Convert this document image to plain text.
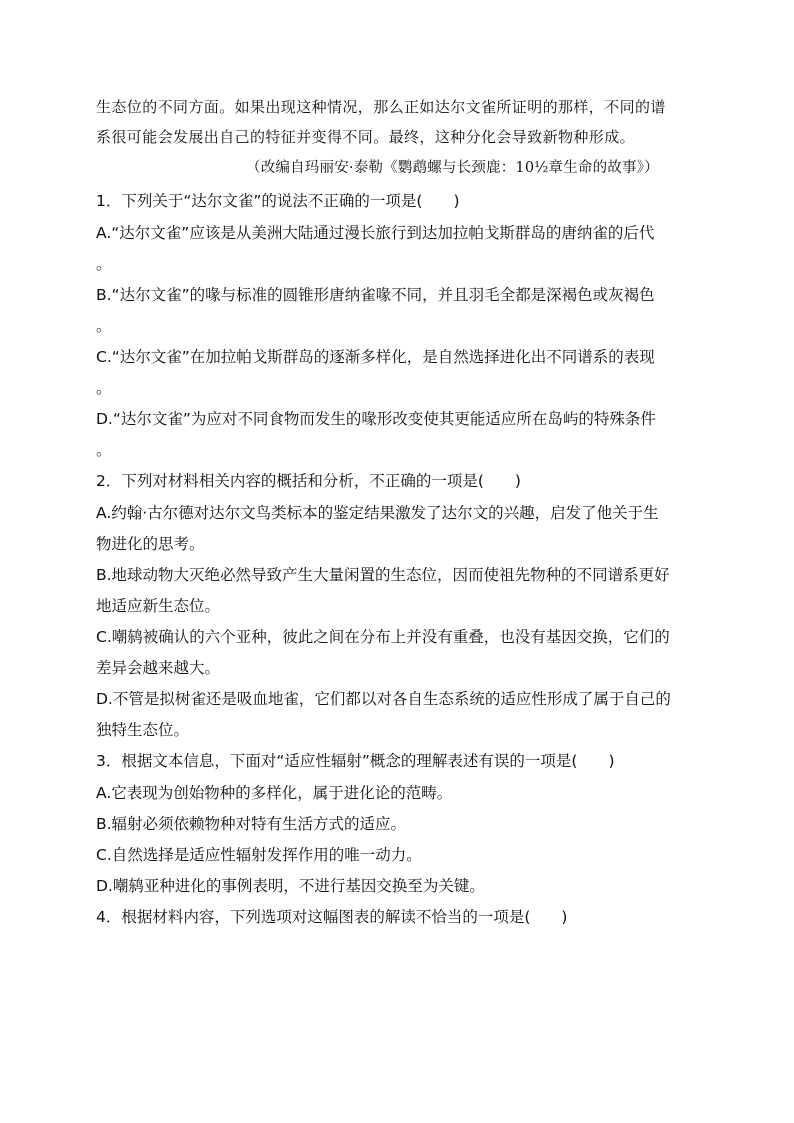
生态位的不同方面。如果出现这种情况，那么正如达尔文雀所证明的那样，不同的谱
系很可能会发展出自己的特征并变得不同。最终，这种分化会导致新物种形成。
（改编自玛丽安·泰勒《鹦鹉螺与长颈鹿：10½章生命的故事》）
1．下列关于“达尔文雀”的说法不正确的一项是(　　)
A.“达尔文雀”应该是从美洲大陆通过漫长旅行到达加拉帕戈斯群岛的唐纳雀的后代
。
B.“达尔文雀”的喙与标准的圆锥形唐纳雀喙不同，并且羽毛全都是深褐色或灰褐色
。
C.“达尔文雀”在加拉帕戈斯群岛的逐渐多样化，是自然选择进化出不同谱系的表现
。
D.“达尔文雀”为应对不同食物而发生的喙形改变使其更能适应所在岛屿的特殊条件
。
2．下列对材料相关内容的概括和分析，不正确的一项是(　　)
A.约翰·古尔德对达尔文鸟类标本的鉴定结果激发了达尔文的兴趣，启发了他关于生
物进化的思考。
B.地球动物大灭绝必然导致产生大量闲置的生态位，因而使祖先物种的不同谱系更好
地适应新生态位。
C.嘲鸫被确认的六个亚种，彼此之间在分布上并没有重叠，也没有基因交换，它们的
差异会越来越大。
D.不管是拟树雀还是吸血地雀，它们都以对各自生态系统的适应性形成了属于自己的
独特生态位。
3．根据文本信息，下面对“适应性辐射”概念的理解表述有误的一项是(　　)
A.它表现为创始物种的多样化，属于进化论的范畴。
B.辐射必须依赖物种对特有生活方式的适应。
C.自然选择是适应性辐射发挥作用的唯一动力。
D.嘲鸫亚种进化的事例表明，不进行基因交换至为关键。
4．根据材料内容，下列选项对这幅图表的解读不恰当的一项是(　　)
